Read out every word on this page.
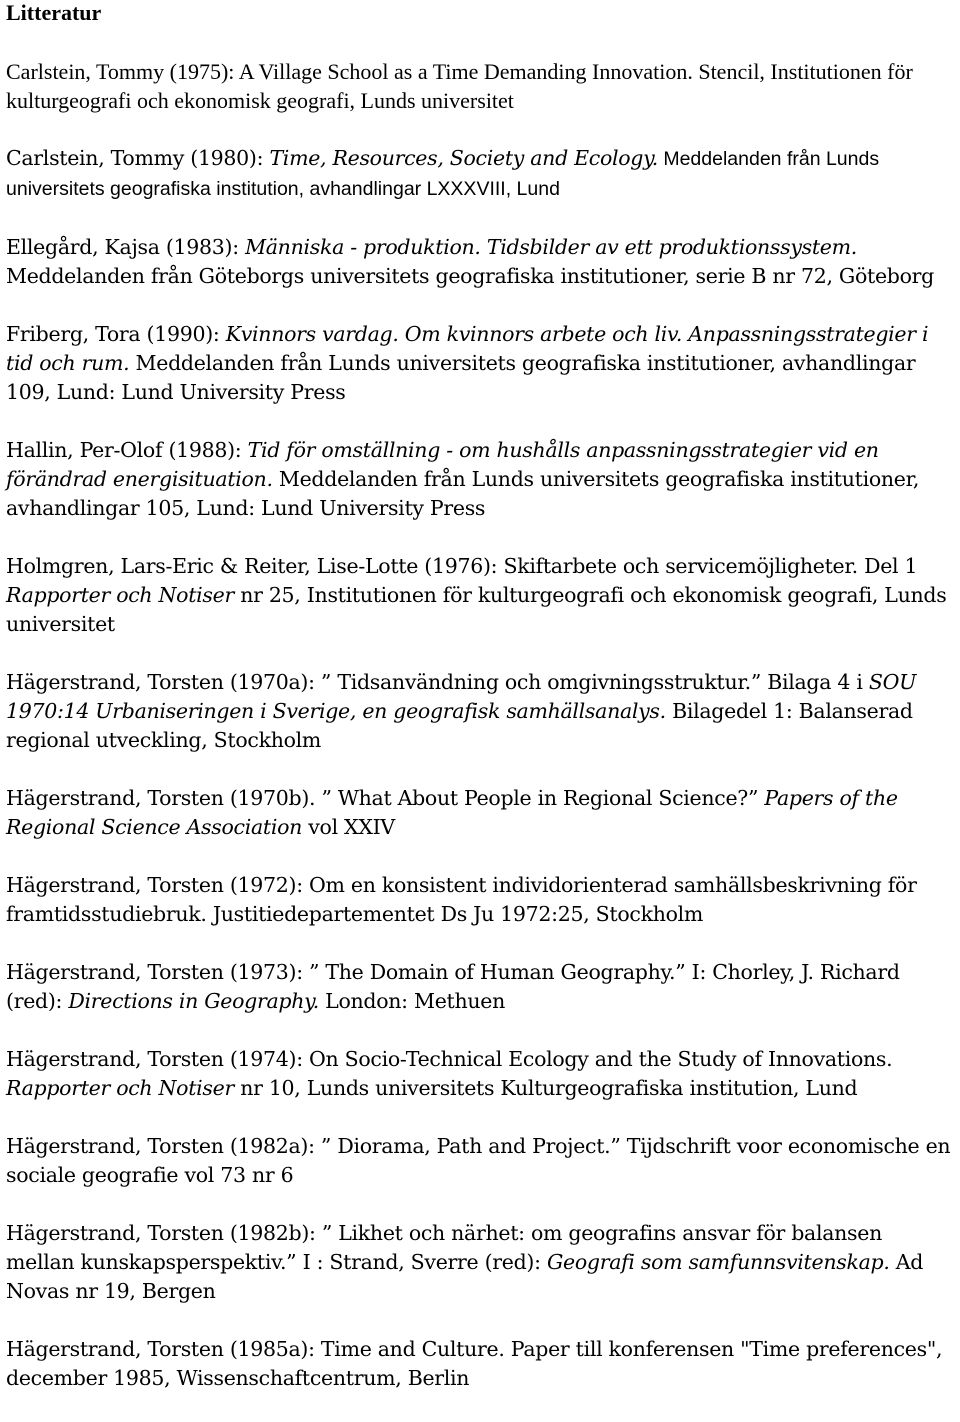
Litteratur

Carlstein, Tommy (1975): A Village School as a Time Demanding Innovation. Stencil, Institutionen för kulturgeografi och ekonomisk geografi, Lunds universitet

Carlstein, Tommy (1980): Time, Resources, Society and Ecology. Meddelanden från Lunds universitets geografiska institution, avhandlingar LXXXVIII, Lund

Ellegård, Kajsa (1983): Människa - produktion. Tidsbilder av ett produktionssystem. Meddelanden från Göteborgs universitets geografiska institutioner, serie B nr 72, Göteborg

Friberg, Tora (1990): Kvinnors vardag. Om kvinnors arbete och liv. Anpassningsstrategier i tid och rum. Meddelanden från Lunds universitets geografiska institutioner, avhandlingar 109, Lund: Lund University Press

Hallin, Per-Olof (1988): Tid för omställning - om hushålls anpassningsstrategier vid en förändrad energisituation. Meddelanden från Lunds universitets geografiska institutioner, avhandlingar 105, Lund: Lund University Press

Holmgren, Lars-Eric & Reiter, Lise-Lotte (1976): Skiftarbete och servicemöjligheter. Del 1 Rapporter och Notiser nr 25, Institutionen för kulturgeografi och ekonomisk geografi, Lunds universitet

Hägerstrand, Torsten (1970a): ” Tidsanvändning och omgivningsstruktur.” Bilaga 4 i SOU 1970:14 Urbaniseringen i Sverige, en geografisk samhällsanalys. Bilagedel 1: Balanserad regional utveckling, Stockholm

Hägerstrand, Torsten (1970b). ” What About People in Regional Science?” Papers of the Regional Science Association vol XXIV

Hägerstrand, Torsten (1972): Om en konsistent individorienterad samhällsbeskrivning för framtidsstudiebruk. Justitiedepartementet Ds Ju 1972:25, Stockholm

Hägerstrand, Torsten (1973): ” The Domain of Human Geography.” I: Chorley, J. Richard (red): Directions in Geography. London: Methuen

Hägerstrand, Torsten (1974): On Socio-Technical Ecology and the Study of Innovations. Rapporter och Notiser nr 10, Lunds universitets Kulturgeografiska institution, Lund

Hägerstrand, Torsten (1982a): ” Diorama, Path and Project.” Tijdschrift voor economische en sociale geografie vol 73 nr 6

Hägerstrand, Torsten (1982b): ” Likhet och närhet: om geografins ansvar för balansen mellan kunskapsperspektiv.” I : Strand, Sverre (red): Geografi som samfunnsvitenskap. Ad Novas nr 19, Bergen

Hägerstrand, Torsten (1985a): Time and Culture. Paper till konferensen "Time preferences", december 1985, Wissenschaftcentrum, Berlin
